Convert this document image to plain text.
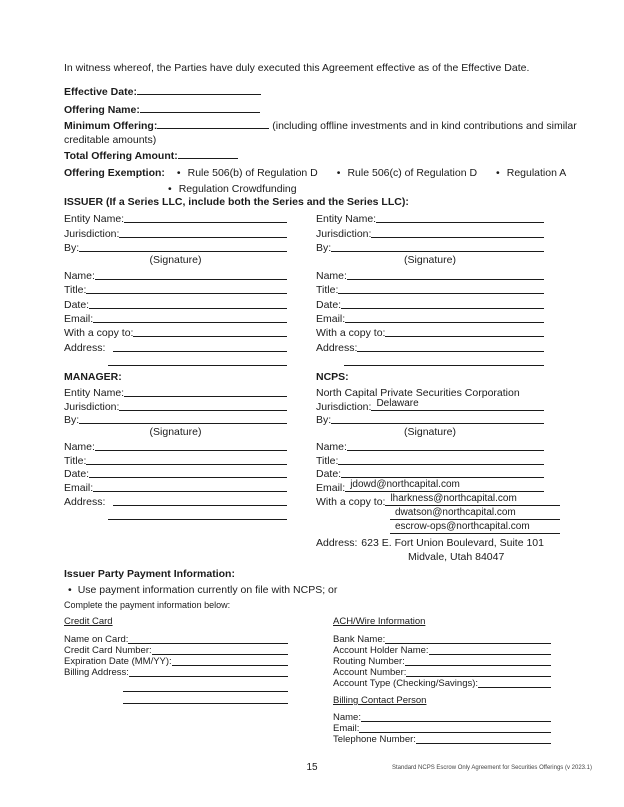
In witness whereof, the Parties have duly executed this Agreement effective as of the Effective Date.

Effective Date:
Offering Name:
Minimum Offering:	(including offline investments and in kind contributions and similar creditable amounts)
Total Offering Amount:
Offering Exemption: • Rule 506(b) of Regulation D • Rule 506(c) of Regulation D • Regulation A
• Regulation Crowdfunding
ISSUER (If a Series LLC, include both the Series and the Series LLC):
Entity Name:
Jurisdiction:
By:
(Signature)
Name:
Title:
Date:
Email:
With a copy to:
Address:
Entity Name:
Jurisdiction:
By:
(Signature)
Name:
Title:
Date:
Email:
With a copy to:
Address:
MANAGER:
Entity Name:
Jurisdiction:
By:
(Signature)
Name:
Title:
Date:
Email:
Address:
NCPS:
North Capital Private Securities Corporation
Jurisdiction: Delaware
By:
(Signature)
Name:
Title:
Date:
Email: jdowd@northcapital.com
With a copy to: lharkness@northcapital.com
dwatson@northcapital.com
escrow-ops@northcapital.com
Address: 623 E. Fort Union Boulevard, Suite 101
Midvale, Utah 84047
Issuer Party Payment Information:
• Use payment information currently on file with NCPS; or
Complete the payment information below:
Credit Card
Name on Card:
Credit Card Number:
Expiration Date (MM/YY):
Billing Address:
ACH/Wire Information
Bank Name:
Account Holder Name:
Routing Number:
Account Number:
Account Type (Checking/Savings):
Billing Contact Person
Name:
Email:
Telephone Number:
15	Standard NCPS Escrow Only Agreement for Securities Offerings (v 2023.1)
